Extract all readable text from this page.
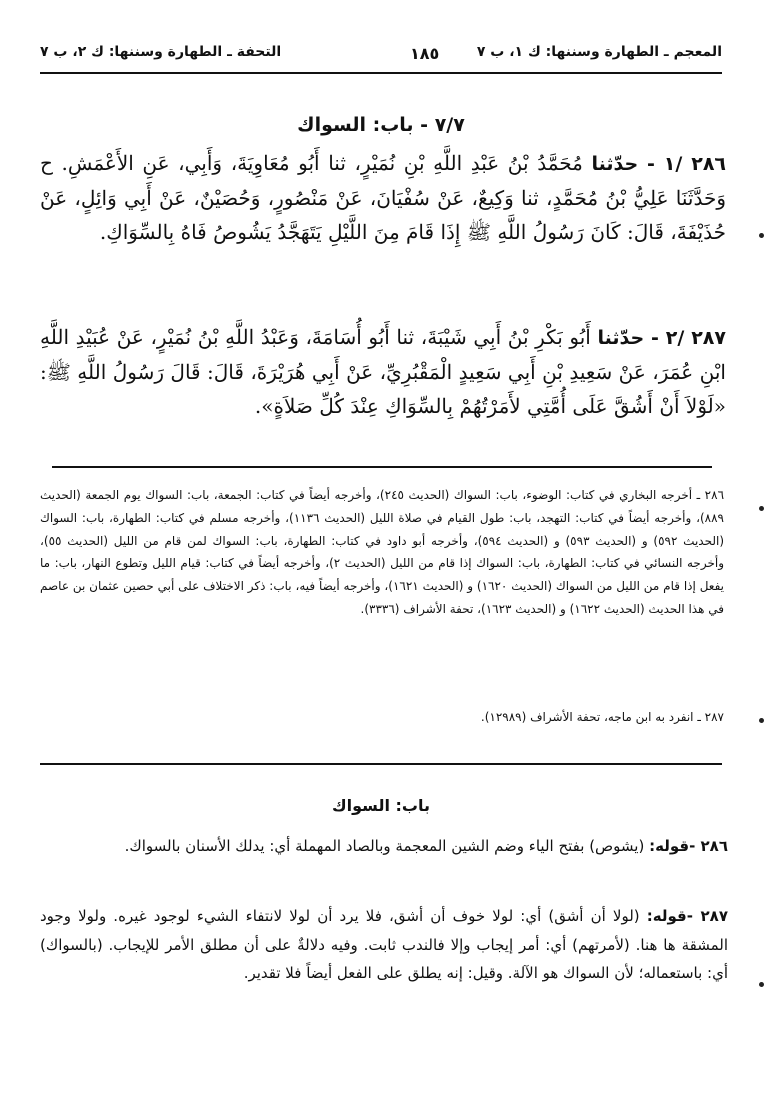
المعجم ـ الطهارة وسننها: ك ١، ب ٧
١٨٥
التحفة ـ الطهارة وسننها: ك ٢، ب ٧
٧/٧ - باب: السواك
٢٨٦ /١ - حدّثنا مُحَمَّدُ بْنُ عَبْدِ اللَّهِ بْنِ نُمَيْرٍ، ثنا أَبُو مُعَاوِيَةَ، وَأَبِي، عَنِ الأَعْمَشِ. ح وَحَدَّثَنَا عَلِيُّ بْنُ مُحَمَّدٍ، ثنا وَكِيعٌ، عَنْ سُفْيَانَ، عَنْ مَنْصُورٍ، وَحُصَيْنٌ، عَنْ أَبِي وَائِلٍ، عَنْ حُذَيْفَةَ، قَالَ: كَانَ رَسُولُ اللَّهِ ﷺ إِذَا قَامَ مِنَ اللَّيْلِ يَتَهَجَّدُ يَشُوصُ فَاهُ بِالسِّوَاكِ.
٢٨٧ /٢ - حدّثنا أَبُو بَكْرِ بْنُ أَبِي شَيْبَةَ، ثنا أَبُو أُسَامَةَ، وَعَبْدُ اللَّهِ بْنُ نُمَيْرٍ، عَنْ عُبَيْدِ اللَّهِ ابْنِ عُمَرَ، عَنْ سَعِيدِ بْنِ أَبِي سَعِيدٍ الْمَقْبُرِيِّ، عَنْ أَبِي هُرَيْرَةَ، قَالَ: قَالَ رَسُولُ اللَّهِ ﷺ: «لَوْلاَ أَنْ أَشُقَّ عَلَى أُمَّتِي لأَمَرْتُهُمْ بِالسِّوَاكِ عِنْدَ كُلِّ صَلاَةٍ».

٢٨٦ ـ أخرجه البخاري في كتاب: الوضوء، باب: السواك (الحديث ٢٤٥)، وأخرجه أيضاً في كتاب: الجمعة، باب: السواك يوم الجمعة (الحديث ٨٨٩)، وأخرجه أيضاً في كتاب: التهجد، باب: طول القيام في صلاة الليل (الحديث ١١٣٦)، وأخرجه مسلم في كتاب: الطهارة، باب: السواك (الحديث ٥٩٢) و (الحديث ٥٩٣) و (الحديث ٥٩٤)، وأخرجه أبو داود في كتاب: الطهارة، باب: السواك لمن قام من الليل (الحديث ٥٥)، وأخرجه النسائي في كتاب: الطهارة، باب: السواك إذا قام من الليل (الحديث ٢)، وأخرجه أيضاً في كتاب: قيام الليل وتطوع النهار، باب: ما يفعل إذا قام من الليل من السواك (الحديث ١٦٢٠) و (الحديث ١٦٢١)، وأخرجه أيضاً فيه، باب: ذكر الاختلاف على أبي حصين عثمان بن عاصم في هذا الحديث (الحديث ١٦٢٢) و (الحديث ١٦٢٣)، تحفة الأشراف (٣٣٣٦).

٢٨٧ ـ انفرد به ابن ماجه، تحفة الأشراف (١٢٩٨٩).

باب: السواك

٢٨٦ -قوله: (يشوص) بفتح الياء وضم الشين المعجمة وبالصاد المهملة أي: يدلك الأسنان بالسواك.

٢٨٧ -قوله: (لولا أن أشق) أي: لولا خوف أن أشق، فلا يرد أن لولا لانتفاء الشيء لوجود غيره. ولولا وجود المشقة ها هنا. (لأمرتهم) أي: أمر إيجاب وإلا فالندب ثابت. وفيه دلالةٌ على أن مطلق الأمر للإيجاب. (بالسواك) أي: باستعماله؛ لأن السواك هو الآلة. وقيل: إنه يطلق على الفعل أيضاً فلا تقدير.
